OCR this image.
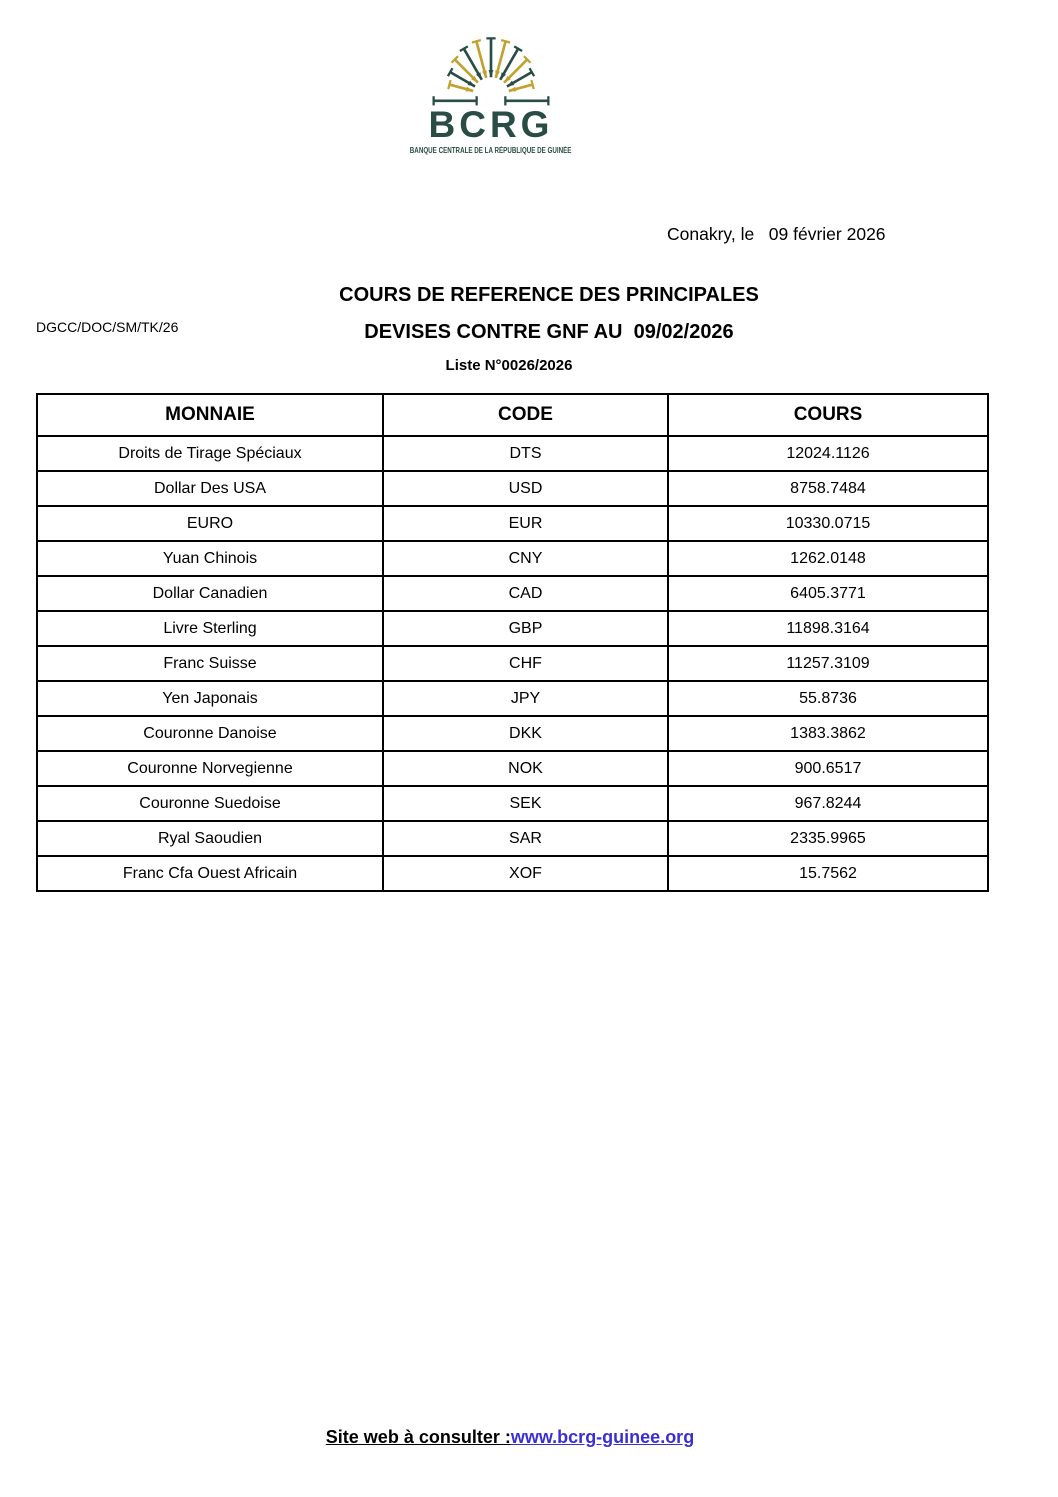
BCRG
BANQUE CENTRALE DE LA RÉPUBLIQUE DE GUINÉE
Conakry, le   09 février 2026
DGCC/DOC/SM/TK/26
COURS DE REFERENCE DES PRINCIPALES
DEVISES CONTRE GNF AU  09/02/2026
Liste N°0026/2026
MONNAIE	CODE	COURS
Droits de Tirage Spéciaux	DTS	12024.1126
Dollar Des USA	USD	8758.7484
EURO	EUR	10330.0715
Yuan Chinois	CNY	1262.0148
Dollar Canadien	CAD	6405.3771
Livre Sterling	GBP	11898.3164
Franc Suisse	CHF	11257.3109
Yen Japonais	JPY	55.8736
Couronne Danoise	DKK	1383.3862
Couronne Norvegienne	NOK	900.6517
Couronne Suedoise	SEK	967.8244
Ryal Saoudien	SAR	2335.9965
Franc Cfa Ouest Africain	XOF	15.7562
Site web à consulter :www.bcrg-guinee.org
